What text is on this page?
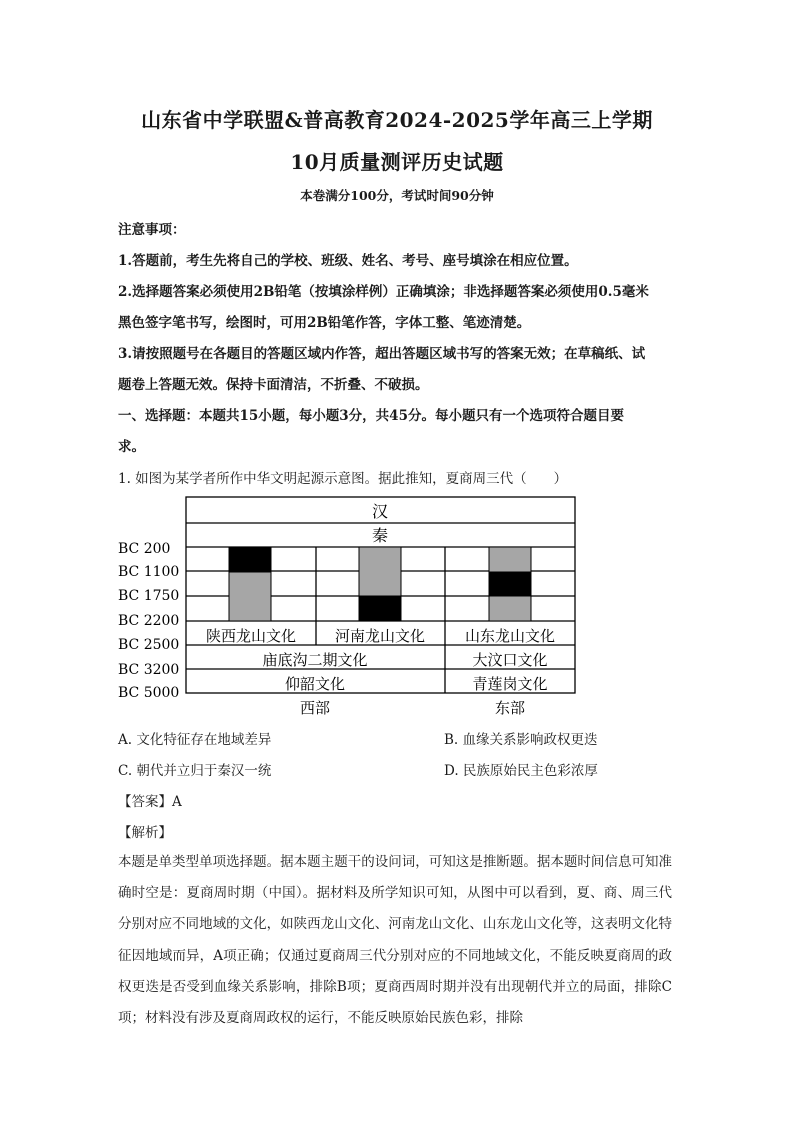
山东省中学联盟&普高教育2024-2025学年高三上学期
10月质量测评历史试题
本卷满分100分，考试时间90分钟
注意事项：
1.答题前，考生先将自己的学校、班级、姓名、考号、座号填涂在相应位置。
2.选择题答案必须使用2B铅笔（按填涂样例）正确填涂；非选择题答案必须使用0.5毫米
黑色签字笔书写，绘图时，可用2B铅笔作答，字体工整、笔迹清楚。
3.请按照题号在各题目的答题区域内作答，超出答题区域书写的答案无效；在草稿纸、试
题卷上答题无效。保持卡面清洁，不折叠、不破损。
一、选择题：本题共15小题，每小题3分，共45分。每小题只有一个选项符合题目要
求。
1. 如图为某学者所作中华文明起源示意图。据此推知，夏商周三代（　　）
汉
秦
陕西龙山文化	河南龙山文化	山东龙山文化
庙底沟二期文化	大汶口文化
仰韶文化	青莲岗文化
西部	东部
BC 200
BC 1100
BC 1750
BC 2200
BC 2500
BC 3200
BC 5000
A. 文化特征存在地域差异	B. 血缘关系影响政权更迭
C. 朝代并立归于秦汉一统	D. 民族原始民主色彩浓厚
【答案】A
【解析】
本题是单类型单项选择题。据本题主题干的设问词，可知这是推断题。据本题时间信息可知准确时空是：夏商周时期（中国）。据材料及所学知识可知，从图中可以看到，夏、商、周三代分别对应不同地域的文化，如陕西龙山文化、河南龙山文化、山东龙山文化等，这表明文化特征因地域而异，A项正确；仅通过夏商周三代分别对应的不同地域文化，不能反映夏商周的政权更迭是否受到血缘关系影响，排除B项；夏商西周时期并没有出现朝代并立的局面，排除C项；材料没有涉及夏商周政权的运行，不能反映原始民族色彩，排除
